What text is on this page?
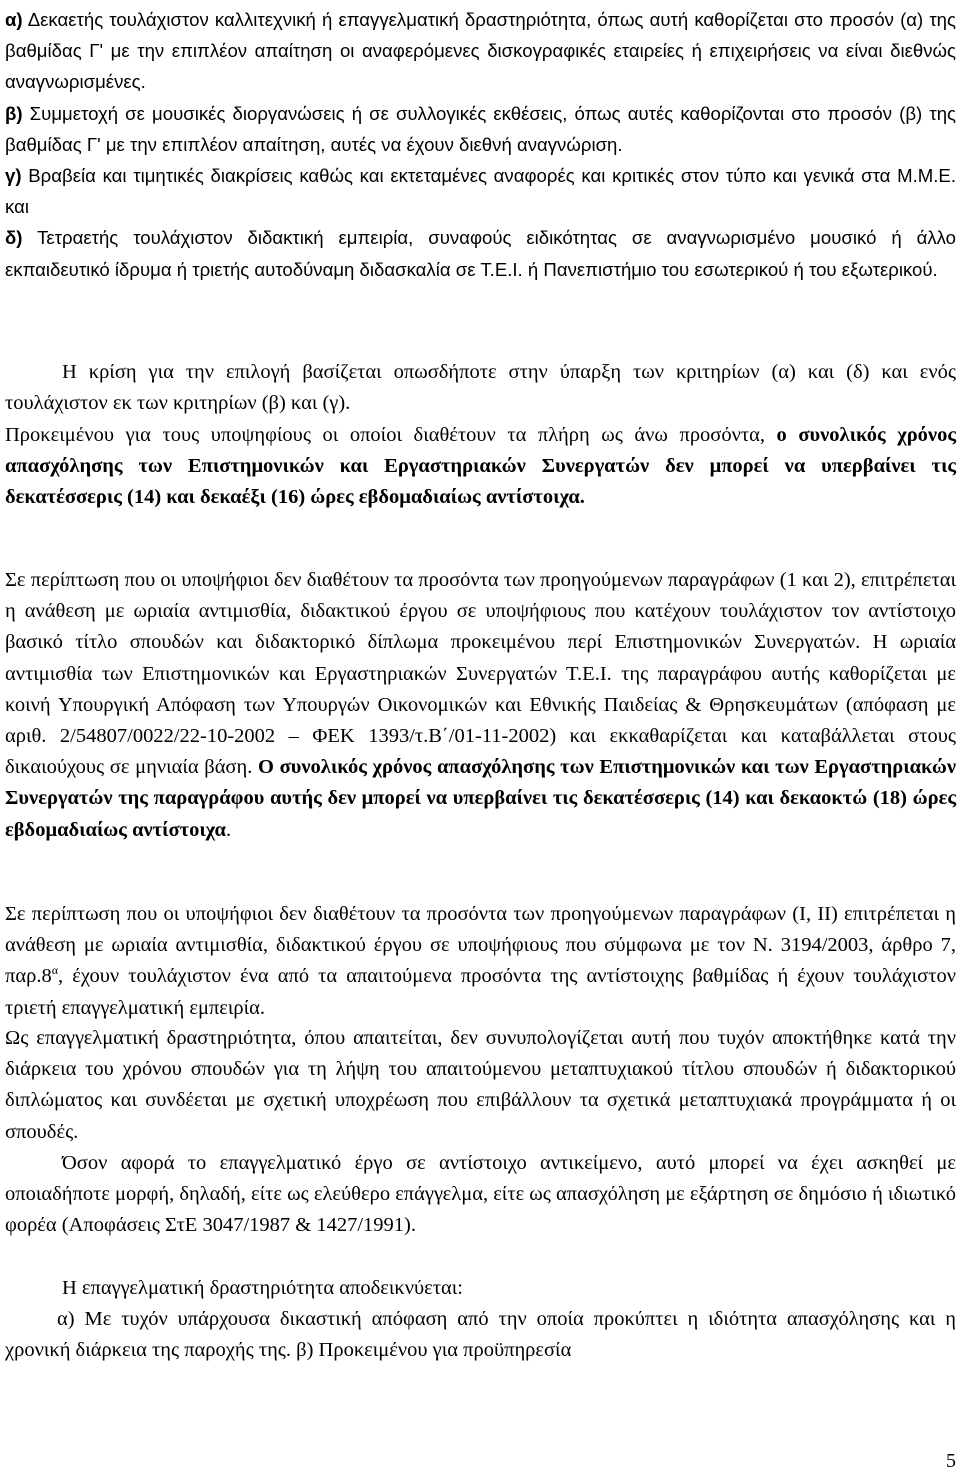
α) Δεκαετής τουλάχιστον καλλιτεχνική ή επαγγελματική δραστηριότητα, όπως αυτή καθορίζεται στο προσόν (α) της βαθμίδας Γ' με την επιπλέον απαίτηση οι αναφερόμενες δισκογραφικές εταιρείες ή επιχειρήσεις να είναι διεθνώς αναγνωρισμένες.
β) Συμμετοχή σε μουσικές διοργανώσεις ή σε συλλογικές εκθέσεις, όπως αυτές καθορίζονται στο προσόν (β) της βαθμίδας Γ' με την επιπλέον απαίτηση, αυτές να έχουν διεθνή αναγνώριση.
γ) Βραβεία και τιμητικές διακρίσεις καθώς και εκτεταμένες αναφορές και κριτικές στον τύπο και γενικά στα Μ.Μ.Ε. και
δ) Τετραετής τουλάχιστον διδακτική εμπειρία, συναφούς ειδικότητας σε αναγνωρισμένο μουσικό ή άλλο εκπαιδευτικό ίδρυμα ή τριετής αυτοδύναμη διδασκαλία σε Τ.Ε.Ι. ή Πανεπιστήμιο του εσωτερικού ή του εξωτερικού.

Η κρίση για την επιλογή βασίζεται οπωσδήποτε στην ύπαρξη των κριτηρίων (α) και (δ) και ενός τουλάχιστον εκ των κριτηρίων (β) και (γ).

Προκειμένου για τους υποψηφίους οι οποίοι διαθέτουν τα πλήρη ως άνω προσόντα, ο συνολικός χρόνος απασχόλησης των Επιστημονικών και Εργαστηριακών Συνεργατών δεν μπορεί να υπερβαίνει τις δεκατέσσερις (14) και δεκαέξι (16) ώρες εβδομαδιαίως αντίστοιχα.

Σε περίπτωση που οι υποψήφιοι δεν διαθέτουν τα προσόντα των προηγούμενων παραγράφων (1 και 2), επιτρέπεται η ανάθεση με ωριαία αντιμισθία, διδακτικού έργου σε υποψήφιους που κατέχουν τουλάχιστον τον αντίστοιχο βασικό τίτλο σπουδών και διδακτορικό δίπλωμα προκειμένου περί Επιστημονικών Συνεργατών. Η ωριαία αντιμισθία των Επιστημονικών και Εργαστηριακών Συνεργατών Τ.Ε.Ι. της παραγράφου αυτής καθορίζεται με κοινή Υπουργική Απόφαση των Υπουργών Οικονομικών και Εθνικής Παιδείας & Θρησκευμάτων (απόφαση με αριθ. 2/54807/0022/22-10-2002 – ΦΕΚ 1393/τ.Β΄/01-11-2002) και εκκαθαρίζεται και καταβάλλεται στους δικαιούχους σε μηνιαία βάση. Ο συνολικός χρόνος απασχόλησης των Επιστημονικών και των Εργαστηριακών Συνεργατών της παραγράφου αυτής δεν μπορεί να υπερβαίνει τις δεκατέσσερις (14) και δεκαοκτώ (18) ώρες εβδομαδιαίως αντίστοιχα.

Σε περίπτωση που οι υποψήφιοι δεν διαθέτουν τα προσόντα των προηγούμενων παραγράφων (Ι, ΙΙ) επιτρέπεται η ανάθεση με ωριαία αντιμισθία, διδακτικού έργου σε υποψήφιους που σύμφωνα με τον Ν. 3194/2003, άρθρο 7, $\pi\alpha\rho.8^\alpha$, έχουν τουλάχιστον ένα από τα απαιτούμενα προσόντα της αντίστοιχης βαθμίδας ή έχουν τουλάχιστον τριετή επαγγελματική εμπειρία.

Ως επαγγελματική δραστηριότητα, όπου απαιτείται, δεν συνυπολογίζεται αυτή που τυχόν αποκτήθηκε κατά την διάρκεια του χρόνου σπουδών για τη λήψη του απαιτούμενου μεταπτυχιακού τίτλου σπουδών ή διδακτορικού διπλώματος και συνδέεται με σχετική υποχρέωση που επιβάλλουν τα σχετικά μεταπτυχιακά προγράμματα ή οι σπουδές.

Όσον αφορά το επαγγελματικό έργο σε αντίστοιχο αντικείμενο, αυτό μπορεί να έχει ασκηθεί με οποιαδήποτε μορφή, δηλαδή, είτε ως ελεύθερο επάγγελμα, είτε ως απασχόληση με εξάρτηση σε δημόσιο ή ιδιωτικό φορέα (Αποφάσεις ΣτΕ 3047/1987 & 1427/1991).

Η επαγγελματική δραστηριότητα αποδεικνύεται:

α) Με τυχόν υπάρχουσα δικαστική απόφαση από την οποία προκύπτει η ιδιότητα απασχόλησης και η χρονική διάρκεια της παροχής της. β) Προκειμένου για προϋπηρεσία

5
